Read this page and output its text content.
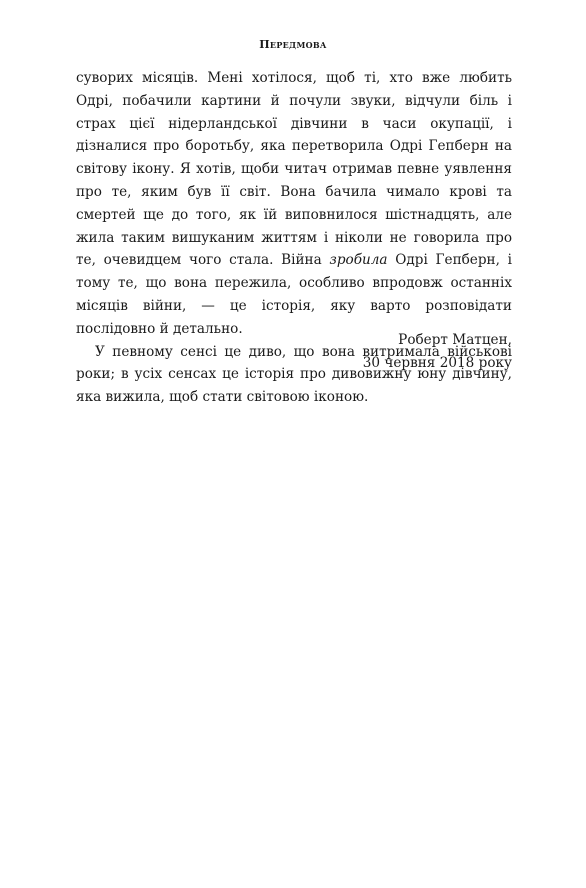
Передмова

суворих місяців. Мені хотілося, щоб ті, хто вже любить Одрі, побачили картини й почули звуки, відчули біль і страх цієї нідерландської дівчини в часи окупації, і дізналися про боротьбу, яка перетворила Одрі Гепберн на світову ікону. Я хотів, щоби читач отримав певне уявлення про те, яким був її світ. Вона бачила чимало крові та смертей ще до того, як їй виповнилося шістнадцять, але жила таким вишуканим життям і ніколи не говорила про те, очевидцем чого стала. Війна зробила Одрі Гепберн, і тому те, що вона пережила, особливо впродовж останніх місяців війни, — це історія, яку варто розповідати послідовно й детально.

У певному сенсі це диво, що вона витримала військові роки; в усіх сенсах це історія про дивовижну юну дівчину, яка вижила, щоб стати світовою іконою.

Роберт Матцен,
30 червня 2018 року
